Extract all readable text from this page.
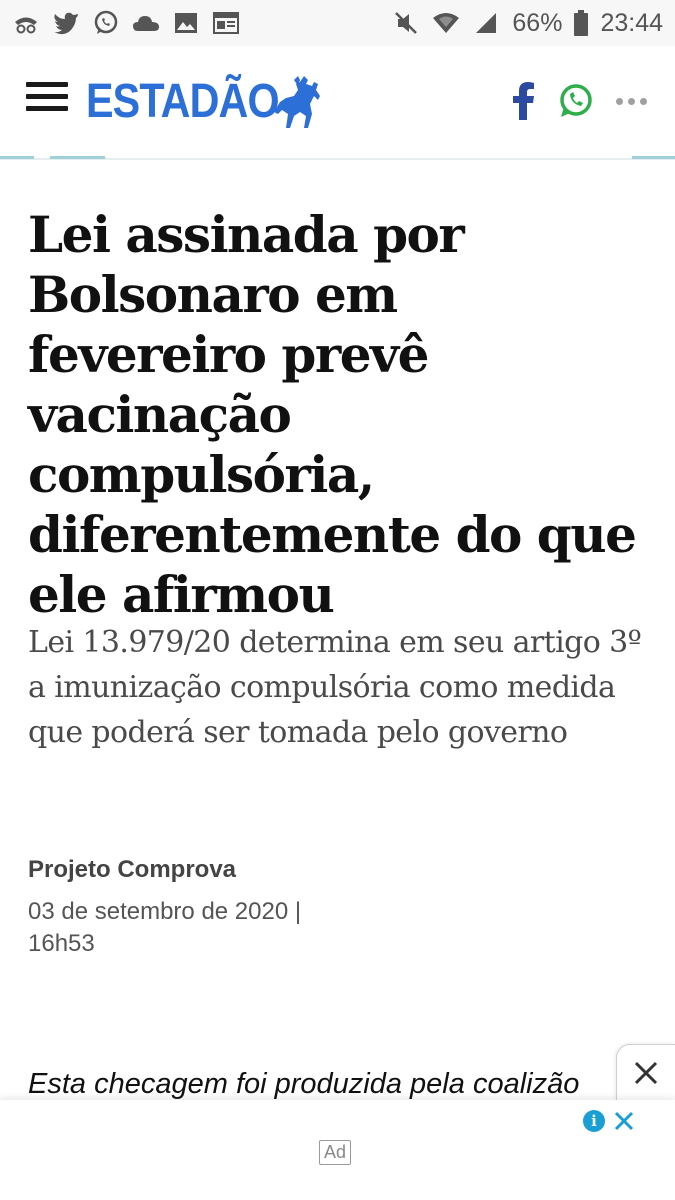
66% 23:44
ESTADÃO
Lei assinada por Bolsonaro em fevereiro prevê vacinação compulsória, diferentemente do que ele afirmou

Lei 13.979/20 determina em seu artigo 3º a imunização compulsória como medida que poderá ser tomada pelo governo

Projeto Comprova
03 de setembro de 2020 | 16h53
Esta checagem foi produzida pela coalizão
Ad
i
